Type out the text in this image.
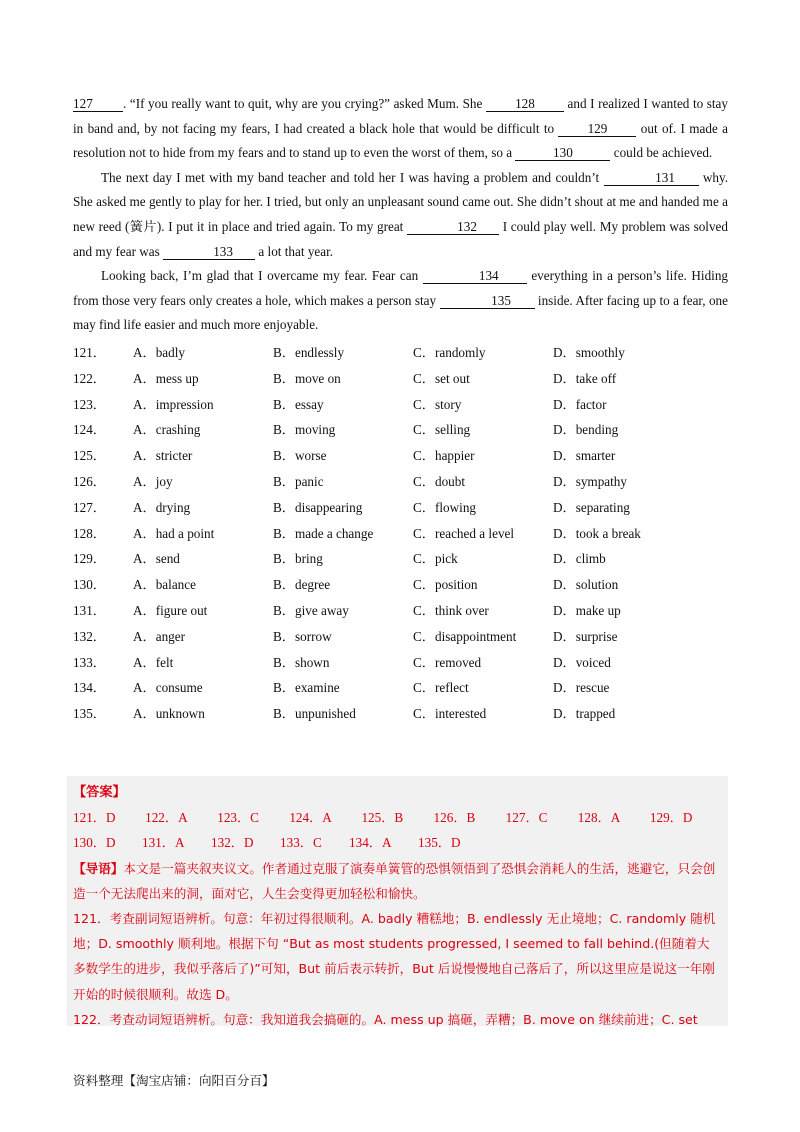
127 . “If you really want to quit, why are you crying?” asked Mum. She 128 and I realized I wanted to stay in band and, by not facing my fears, I had created a black hole that would be difficult to	129	out of. I made a resolution not to hide from my fears and to stand up to even the worst of them, so a	130	could be achieved.

The next day I met with my band teacher and told her I was having a problem and couldn’t	131 why. She asked me gently to play for her. I tried, but only an unpleasant sound came out. She didn’t shout at me and handed me a new reed (簧片). I put it in place and tried again. To my great	132 I could play well. My problem was solved and my fear was	133 a lot that year.

Looking back, I’m glad that I overcame my fear. Fear can	134 everything in a person’s life. Hiding from those very fears only creates a hole, which makes a person stay	135 inside. After facing up to a fear, one may find life easier and much more enjoyable.

121．	A．badly	B．endlessly	C．randomly	D．smoothly
122．	A．mess up	B．move on	C．set out	D．take off
123．	A．impression	B．essay	C．story	D．factor
124．	A．crashing	B．moving	C．selling	D．bending
125．	A．stricter	B．worse	C．happier	D．smarter
126．	A．joy	B．panic	C．doubt	D．sympathy
127．	A．drying	B．disappearing	C．flowing	D．separating
128．	A．had a point	B．made a change	C．reached a level	D．took a break
129．	A．send	B．bring	C．pick	D．climb
130．	A．balance	B．degree	C．position	D．solution
131．	A．figure out	B．give away	C．think over	D．make up
132．	A．anger	B．sorrow	C．disappointment	D．surprise
133．	A．felt	B．shown	C．removed	D．voiced
134．	A．consume	B．examine	C．reflect	D．rescue
135．	A．unknown	B．unpunished	C．interested	D．trapped
【答案】
121．D	122．A	123．C	124．A	125．B	126．B	127．C	128．A	129．D
130．D	131．A	132．D	133．C	134．A	135．D
【导语】本文是一篇夹叙夹议文。作者通过克服了演奏单簧管的恐惧领悟到了恐惧会消耗人的生活，逃避它，只会创造一个无法爬出来的洞，面对它，人生会变得更加轻松和愉快。
121．考查副词短语辨析。句意：年初过得很顺利。A. badly 糟糕地；B. endlessly 无止境地；C. randomly 随机地；D. smoothly 顺利地。根据下句 “But as most students progressed, I seemed to fall behind.(但随着大多数学生的进步，我似乎落后了)”可知，But 前后表示转折，But 后说慢慢地自己落后了，所以这里应是说这一年刚开始的时候很顺利。故选 D。
122．考查动词短语辨析。句意：我知道我会搞砸的。A. mess up 搞砸，弄糟；B. move on 继续前进；C. set
资料整理【淘宝店铺：向阳百分百】
